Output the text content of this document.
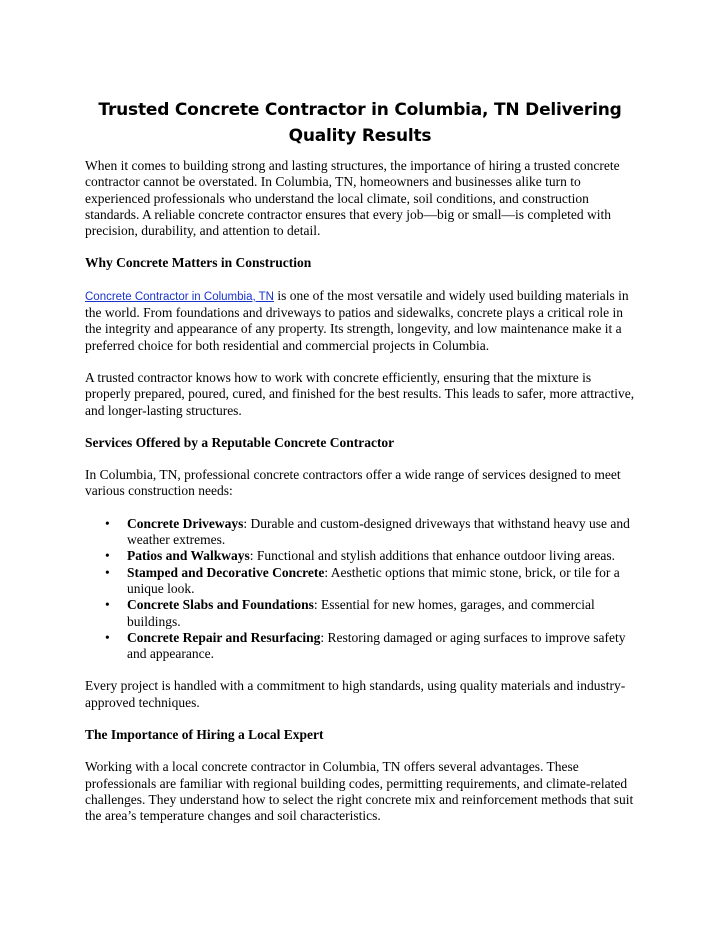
Trusted Concrete Contractor in Columbia, TN Delivering Quality Results

When it comes to building strong and lasting structures, the importance of hiring a trusted concrete contractor cannot be overstated. In Columbia, TN, homeowners and businesses alike turn to experienced professionals who understand the local climate, soil conditions, and construction standards. A reliable concrete contractor ensures that every job—big or small—is completed with precision, durability, and attention to detail.

Why Concrete Matters in Construction

Concrete Contractor in Columbia, TN is one of the most versatile and widely used building materials in the world. From foundations and driveways to patios and sidewalks, concrete plays a critical role in the integrity and appearance of any property. Its strength, longevity, and low maintenance make it a preferred choice for both residential and commercial projects in Columbia.

A trusted contractor knows how to work with concrete efficiently, ensuring that the mixture is properly prepared, poured, cured, and finished for the best results. This leads to safer, more attractive, and longer-lasting structures.

Services Offered by a Reputable Concrete Contractor

In Columbia, TN, professional concrete contractors offer a wide range of services designed to meet various construction needs:

• Concrete Driveways: Durable and custom-designed driveways that withstand heavy use and weather extremes.
• Patios and Walkways: Functional and stylish additions that enhance outdoor living areas.
• Stamped and Decorative Concrete: Aesthetic options that mimic stone, brick, or tile for a unique look.
• Concrete Slabs and Foundations: Essential for new homes, garages, and commercial buildings.
• Concrete Repair and Resurfacing: Restoring damaged or aging surfaces to improve safety and appearance.

Every project is handled with a commitment to high standards, using quality materials and industry-approved techniques.

The Importance of Hiring a Local Expert

Working with a local concrete contractor in Columbia, TN offers several advantages. These professionals are familiar with regional building codes, permitting requirements, and climate-related challenges. They understand how to select the right concrete mix and reinforcement methods that suit the area’s temperature changes and soil characteristics.
